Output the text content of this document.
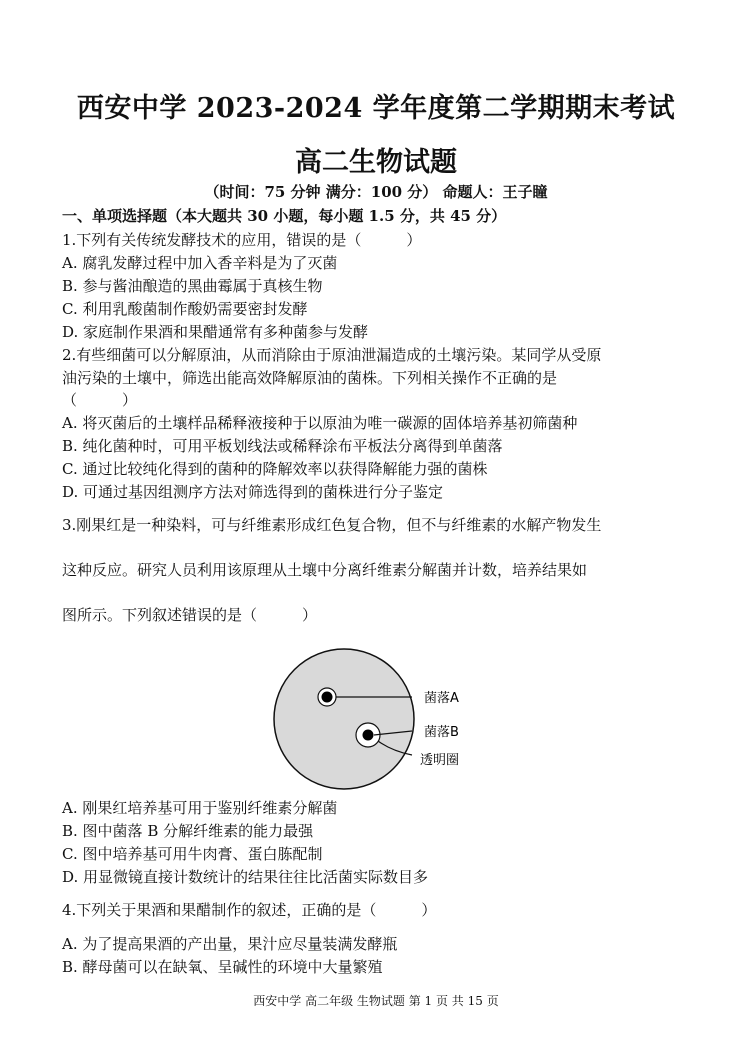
西安中学 2023-2024 学年度第二学期期末考试
高二生物试题
（时间：75 分钟 满分：100 分） 命题人：王子瞳
一、单项选择题（本大题共 30 小题，每小题 1.5 分，共 45 分）
1.下列有关传统发酵技术的应用，错误的是（　　　）
A. 腐乳发酵过程中加入香辛料是为了灭菌
B. 参与酱油酿造的黑曲霉属于真核生物
C. 利用乳酸菌制作酸奶需要密封发酵
D. 家庭制作果酒和果醋通常有多种菌参与发酵
2.有些细菌可以分解原油，从而消除由于原油泄漏造成的土壤污染。某同学从受原
油污染的土壤中，筛选出能高效降解原油的菌株。下列相关操作不正确的是
（　　　）
A. 将灭菌后的土壤样品稀释液接种于以原油为唯一碳源的固体培养基初筛菌种
B. 纯化菌种时，可用平板划线法或稀释涂布平板法分离得到单菌落
C. 通过比较纯化得到的菌种的降解效率以获得降解能力强的菌株
D. 可通过基因组测序方法对筛选得到的菌株进行分子鉴定
3.刚果红是一种染料，可与纤维素形成红色复合物，但不与纤维素的水解产物发生
这种反应。研究人员利用该原理从土壤中分离纤维素分解菌并计数，培养结果如
图所示。下列叙述错误的是（　　　）
菌落A
菌落B
透明圈
A. 刚果红培养基可用于鉴别纤维素分解菌
B. 图中菌落 B 分解纤维素的能力最强
C. 图中培养基可用牛肉膏、蛋白胨配制
D. 用显微镜直接计数统计的结果往往比活菌实际数目多
4.下列关于果酒和果醋制作的叙述，正确的是（　　　）
A. 为了提高果酒的产出量，果汁应尽量装满发酵瓶
B. 酵母菌可以在缺氧、呈碱性的环境中大量繁殖
西安中学 高二年级 生物试题 第 1 页 共 15 页
